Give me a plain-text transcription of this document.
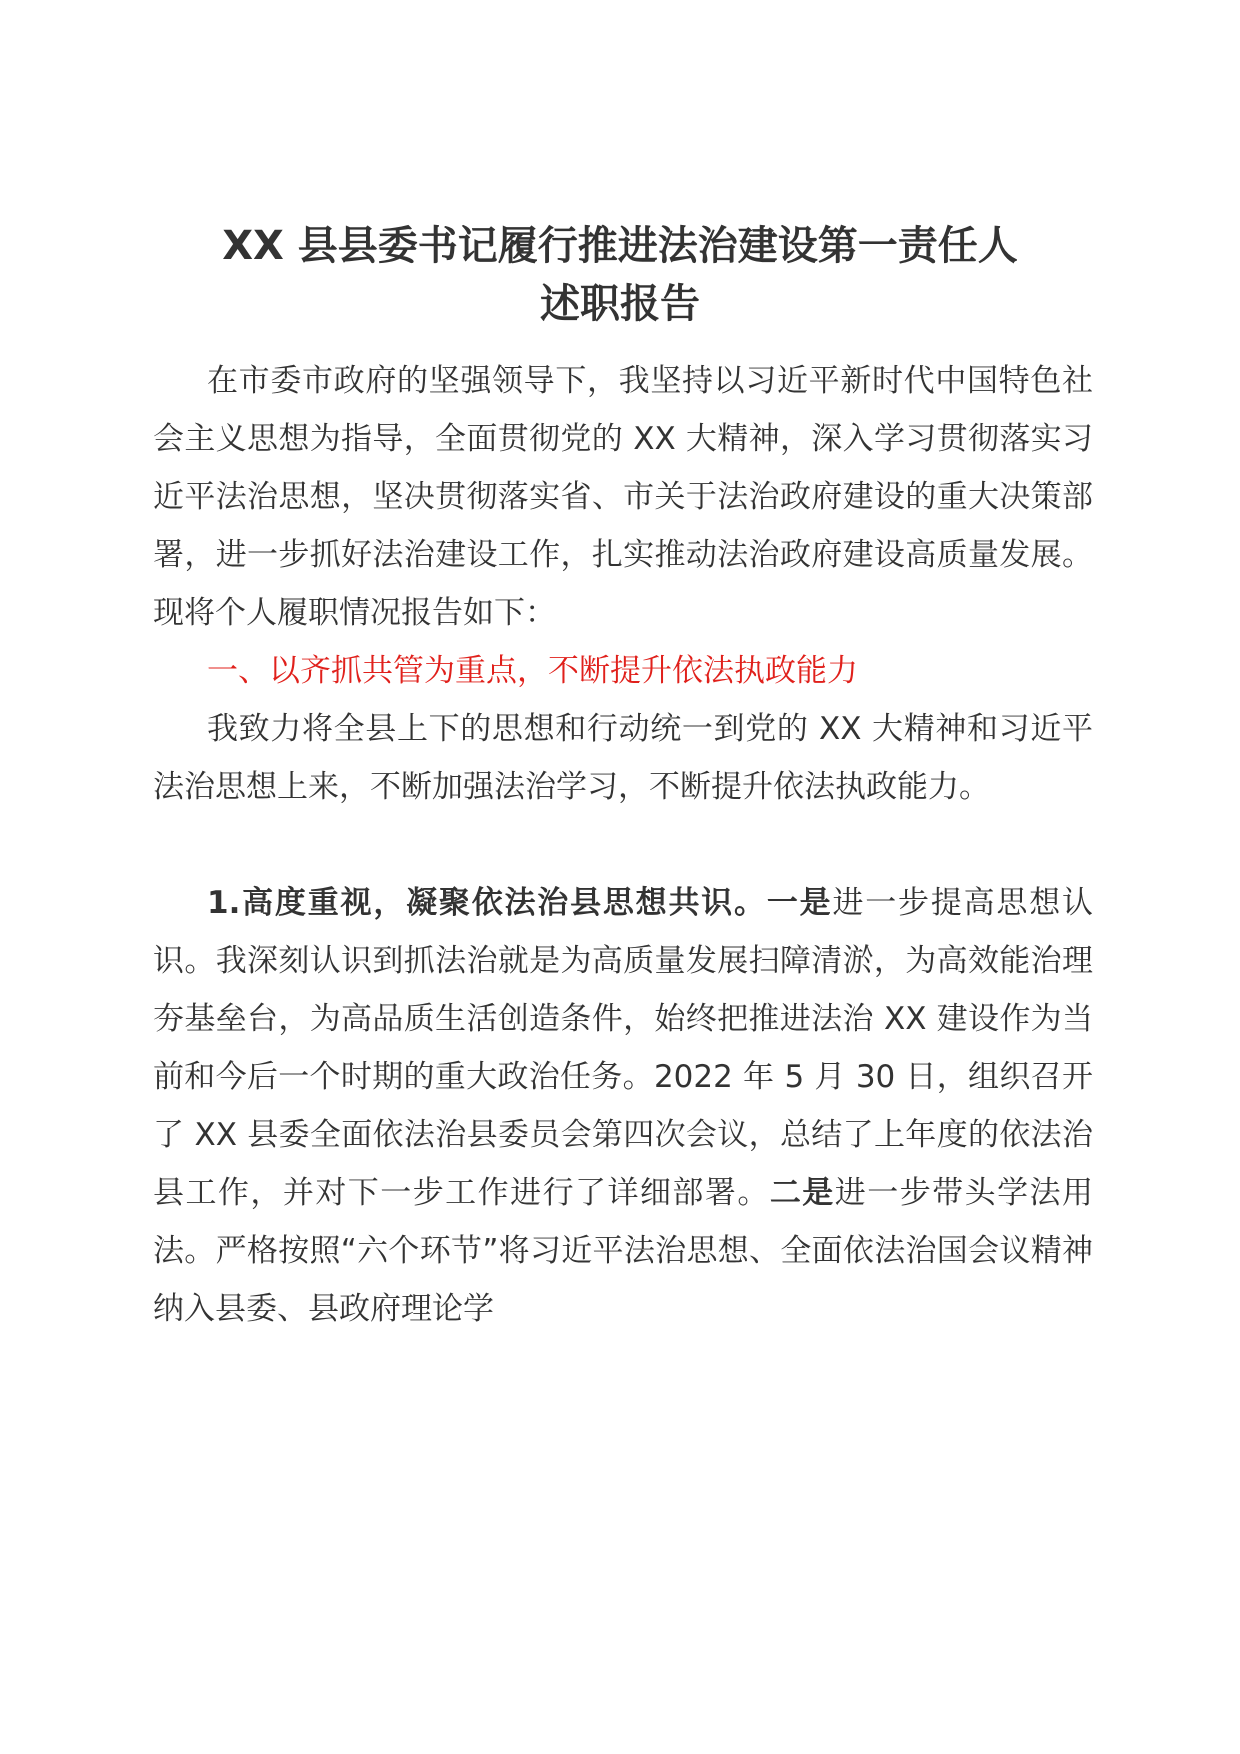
XX 县县委书记履行推进法治建设第一责任人
述职报告

在市委市政府的坚强领导下，我坚持以习近平新时代中国特色社会主义思想为指导，全面贯彻党的 XX 大精神，深入学习贯彻落实习近平法治思想，坚决贯彻落实省、市关于法治政府建设的重大决策部署，进一步抓好法治建设工作，扎实推动法治政府建设高质量发展。现将个人履职情况报告如下：

一、以齐抓共管为重点，不断提升依法执政能力

我致力将全县上下的思想和行动统一到党的 XX 大精神和习近平法治思想上来，不断加强法治学习，不断提升依法执政能力。

1.高度重视，凝聚依法治县思想共识。一是进一步提高思想认识。我深刻认识到抓法治就是为高质量发展扫障清淤，为高效能治理夯基垒台，为高品质生活创造条件，始终把推进法治 XX 建设作为当前和今后一个时期的重大政治任务。2022 年 5 月 30 日，组织召开了 XX 县委全面依法治县委员会第四次会议，总结了上年度的依法治县工作，并对下一步工作进行了详细部署。二是进一步带头学法用法。严格按照“六个环节”将习近平法治思想、全面依法治国会议精神纳入县委、县政府理论学
